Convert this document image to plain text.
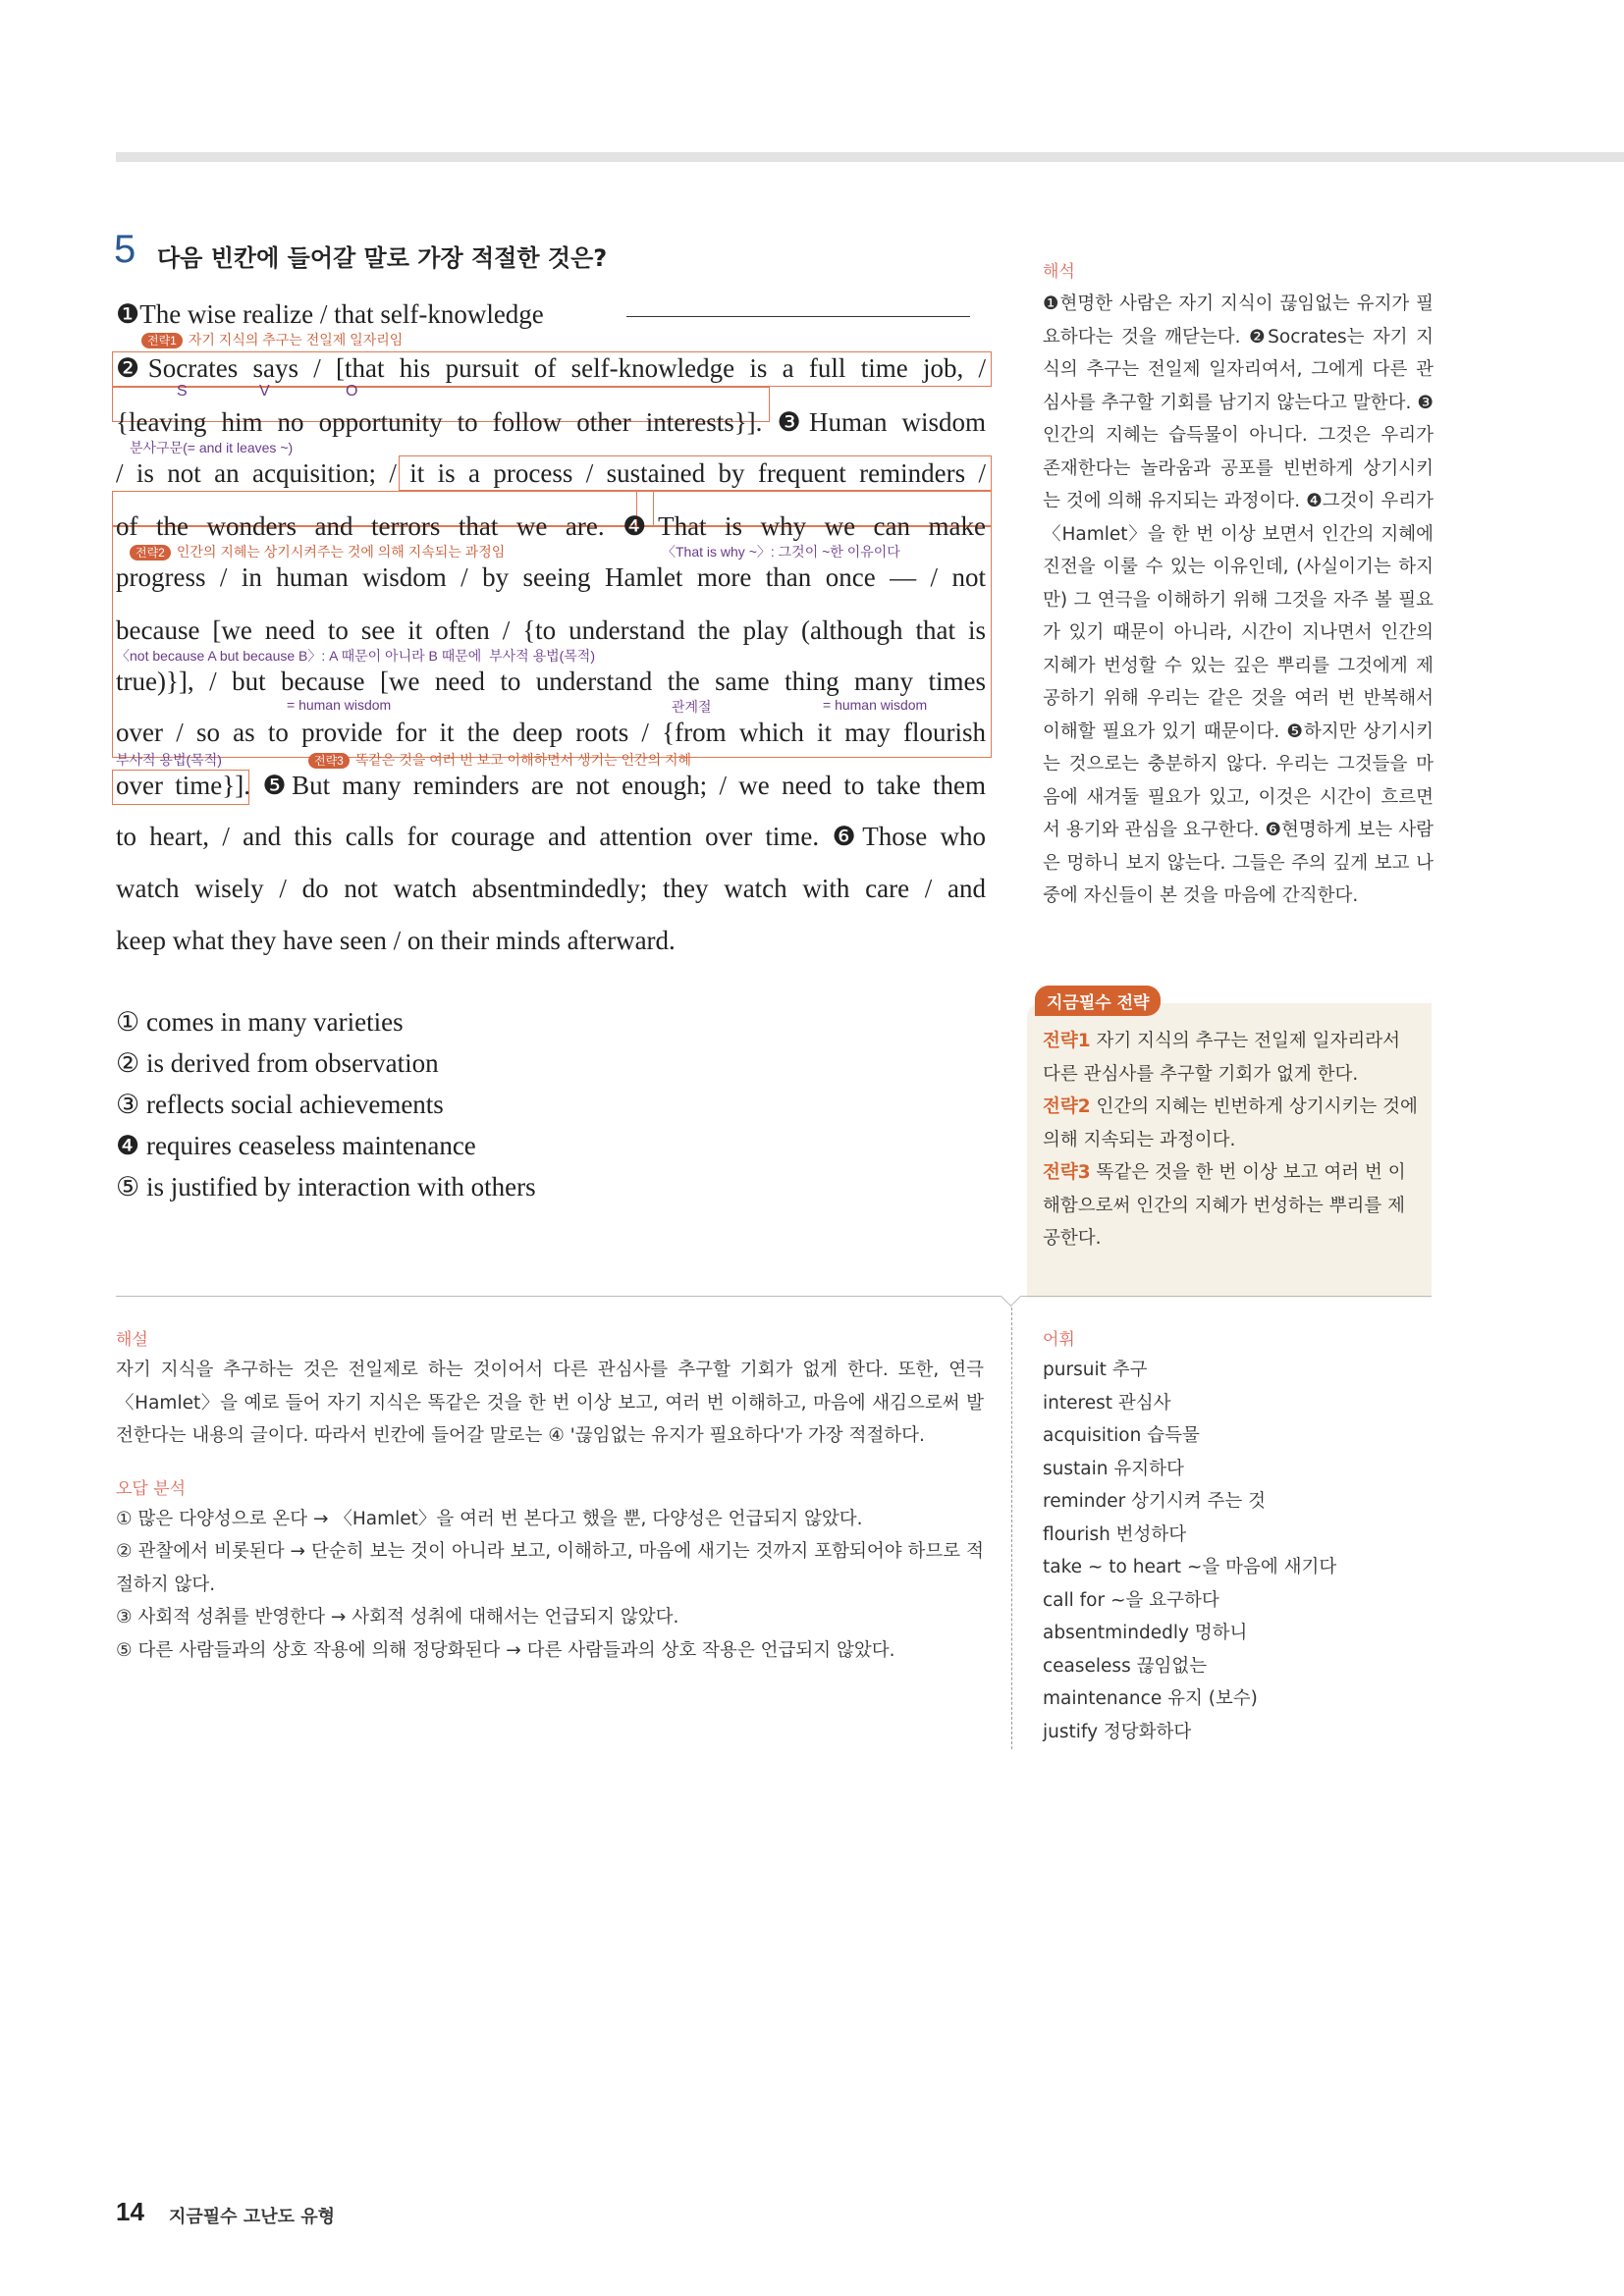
5 다음 빈칸에 들어갈 말로 가장 적절한 것은?
❶The wise realize / that self-knowledge
전략1 자기 지식의 추구는 전일제 일자리임
❷Socrates says / [that his pursuit of self-knowledge is a full time job, /
S	V	O
{leaving him no opportunity to follow other interests}]. ❸Human wisdom
분사구문(= and it leaves ~)
/ is not an acquisition; / it is a process / sustained by frequent reminders /
of the wonders and terrors that we are. ❹That is why we can make
전략2 인간의 지혜는 상기시켜주는 것에 의해 지속되는 과정임	〈That is why ~〉: 그것이 ~한 이유이다
progress / in human wisdom / by seeing Hamlet more than once — / not
because [we need to see it often / {to understand the play (although that is
〈not because A but because B〉: A 때문이 아니라 B 때문에 부사적 용법(목적)
true)}], / but because [we need to understand the same thing many times
= human wisdom	관계절	= human wisdom
over / so as to provide for it the deep roots / {from which it may flourish
부사적 용법(목적)	전략3 똑같은 것을 여러 번 보고 이해하면서 생기는 인간의 지혜
over time}]. ❺But many reminders are not enough; / we need to take them
to heart, / and this calls for courage and attention over time. ❻Those who
watch wisely / do not watch absentmindedly; they watch with care / and
keep what they have seen / on their minds afterward.
① comes in many varieties
② is derived from observation
③ reflects social achievements
❹ requires ceaseless maintenance
⑤ is justified by interaction with others
해석
❶현명한 사람은 자기 지식이 끊임없는 유지가 필요하다는 것을 깨닫는다. ❷Socrates는 자기 지식의 추구는 전일제 일자리여서, 그에게 다른 관심사를 추구할 기회를 남기지 않는다고 말한다. ❸인간의 지혜는 습득물이 아니다. 그것은 우리가 존재한다는 놀라움과 공포를 빈번하게 상기시키는 것에 의해 유지되는 과정이다. ❹그것이 우리가 〈Hamlet〉을 한 번 이상 보면서 인간의 지혜에 진전을 이룰 수 있는 이유인데, (사실이기는 하지만) 그 연극을 이해하기 위해 그것을 자주 볼 필요가 있기 때문이 아니라, 시간이 지나면서 인간의 지혜가 번성할 수 있는 깊은 뿌리를 그것에게 제공하기 위해 우리는 같은 것을 여러 번 반복해서 이해할 필요가 있기 때문이다. ❺하지만 상기시키는 것으로는 충분하지 않다. 우리는 그것들을 마음에 새겨둘 필요가 있고, 이것은 시간이 흐르면서 용기와 관심을 요구한다. ❻현명하게 보는 사람은 멍하니 보지 않는다. 그들은 주의 깊게 보고 나중에 자신들이 본 것을 마음에 간직한다.
지금필수 전략
전략1 자기 지식의 추구는 전일제 일자리라서 다른 관심사를 추구할 기회가 없게 한다.
전략2 인간의 지혜는 빈번하게 상기시키는 것에 의해 지속되는 과정이다.
전략3 똑같은 것을 한 번 이상 보고 여러 번 이해함으로써 인간의 지혜가 번성하는 뿌리를 제공한다.
해설
자기 지식을 추구하는 것은 전일제로 하는 것이어서 다른 관심사를 추구할 기회가 없게 한다. 또한, 연극 〈Hamlet〉을 예로 들어 자기 지식은 똑같은 것을 한 번 이상 보고, 여러 번 이해하고, 마음에 새김으로써 발전한다는 내용의 글이다. 따라서 빈칸에 들어갈 말로는 ④ '끊임없는 유지가 필요하다'가 가장 적절하다.
오답 분석
① 많은 다양성으로 온다 → 〈Hamlet〉을 여러 번 본다고 했을 뿐, 다양성은 언급되지 않았다.
② 관찰에서 비롯된다 → 단순히 보는 것이 아니라 보고, 이해하고, 마음에 새기는 것까지 포함되어야 하므로 적절하지 않다.
③ 사회적 성취를 반영한다 → 사회적 성취에 대해서는 언급되지 않았다.
⑤ 다른 사람들과의 상호 작용에 의해 정당화된다 → 다른 사람들과의 상호 작용은 언급되지 않았다.
어휘
pursuit 추구
interest 관심사
acquisition 습득물
sustain 유지하다
reminder 상기시켜 주는 것
flourish 번성하다
take ~ to heart ~을 마음에 새기다
call for ~을 요구하다
absentmindedly 멍하니
ceaseless 끊임없는
maintenance 유지 (보수)
justify 정당화하다
14 지금필수 고난도 유형
